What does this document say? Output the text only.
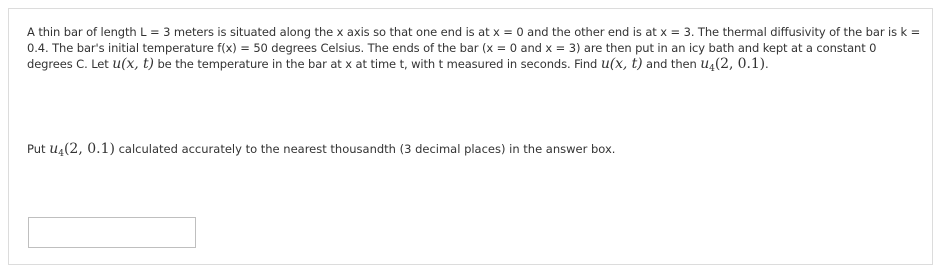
A thin bar of length L = 3 meters is situated along the x axis so that one end is at x = 0 and the other end is at x = 3. The thermal diffusivity of the bar is k = 0.4. The bar's initial temperature f(x) = 50 degrees Celsius. The ends of the bar (x = 0 and x = 3) are then put in an icy bath and kept at a constant 0 degrees C. Let u(x, t) be the temperature in the bar at x at time t, with t measured in seconds. Find u(x, t) and then $u_4(2$, 0.1).

Put $u_4(2$, 0.1) calculated accurately to the nearest thousandth (3 decimal places) in the answer box.
